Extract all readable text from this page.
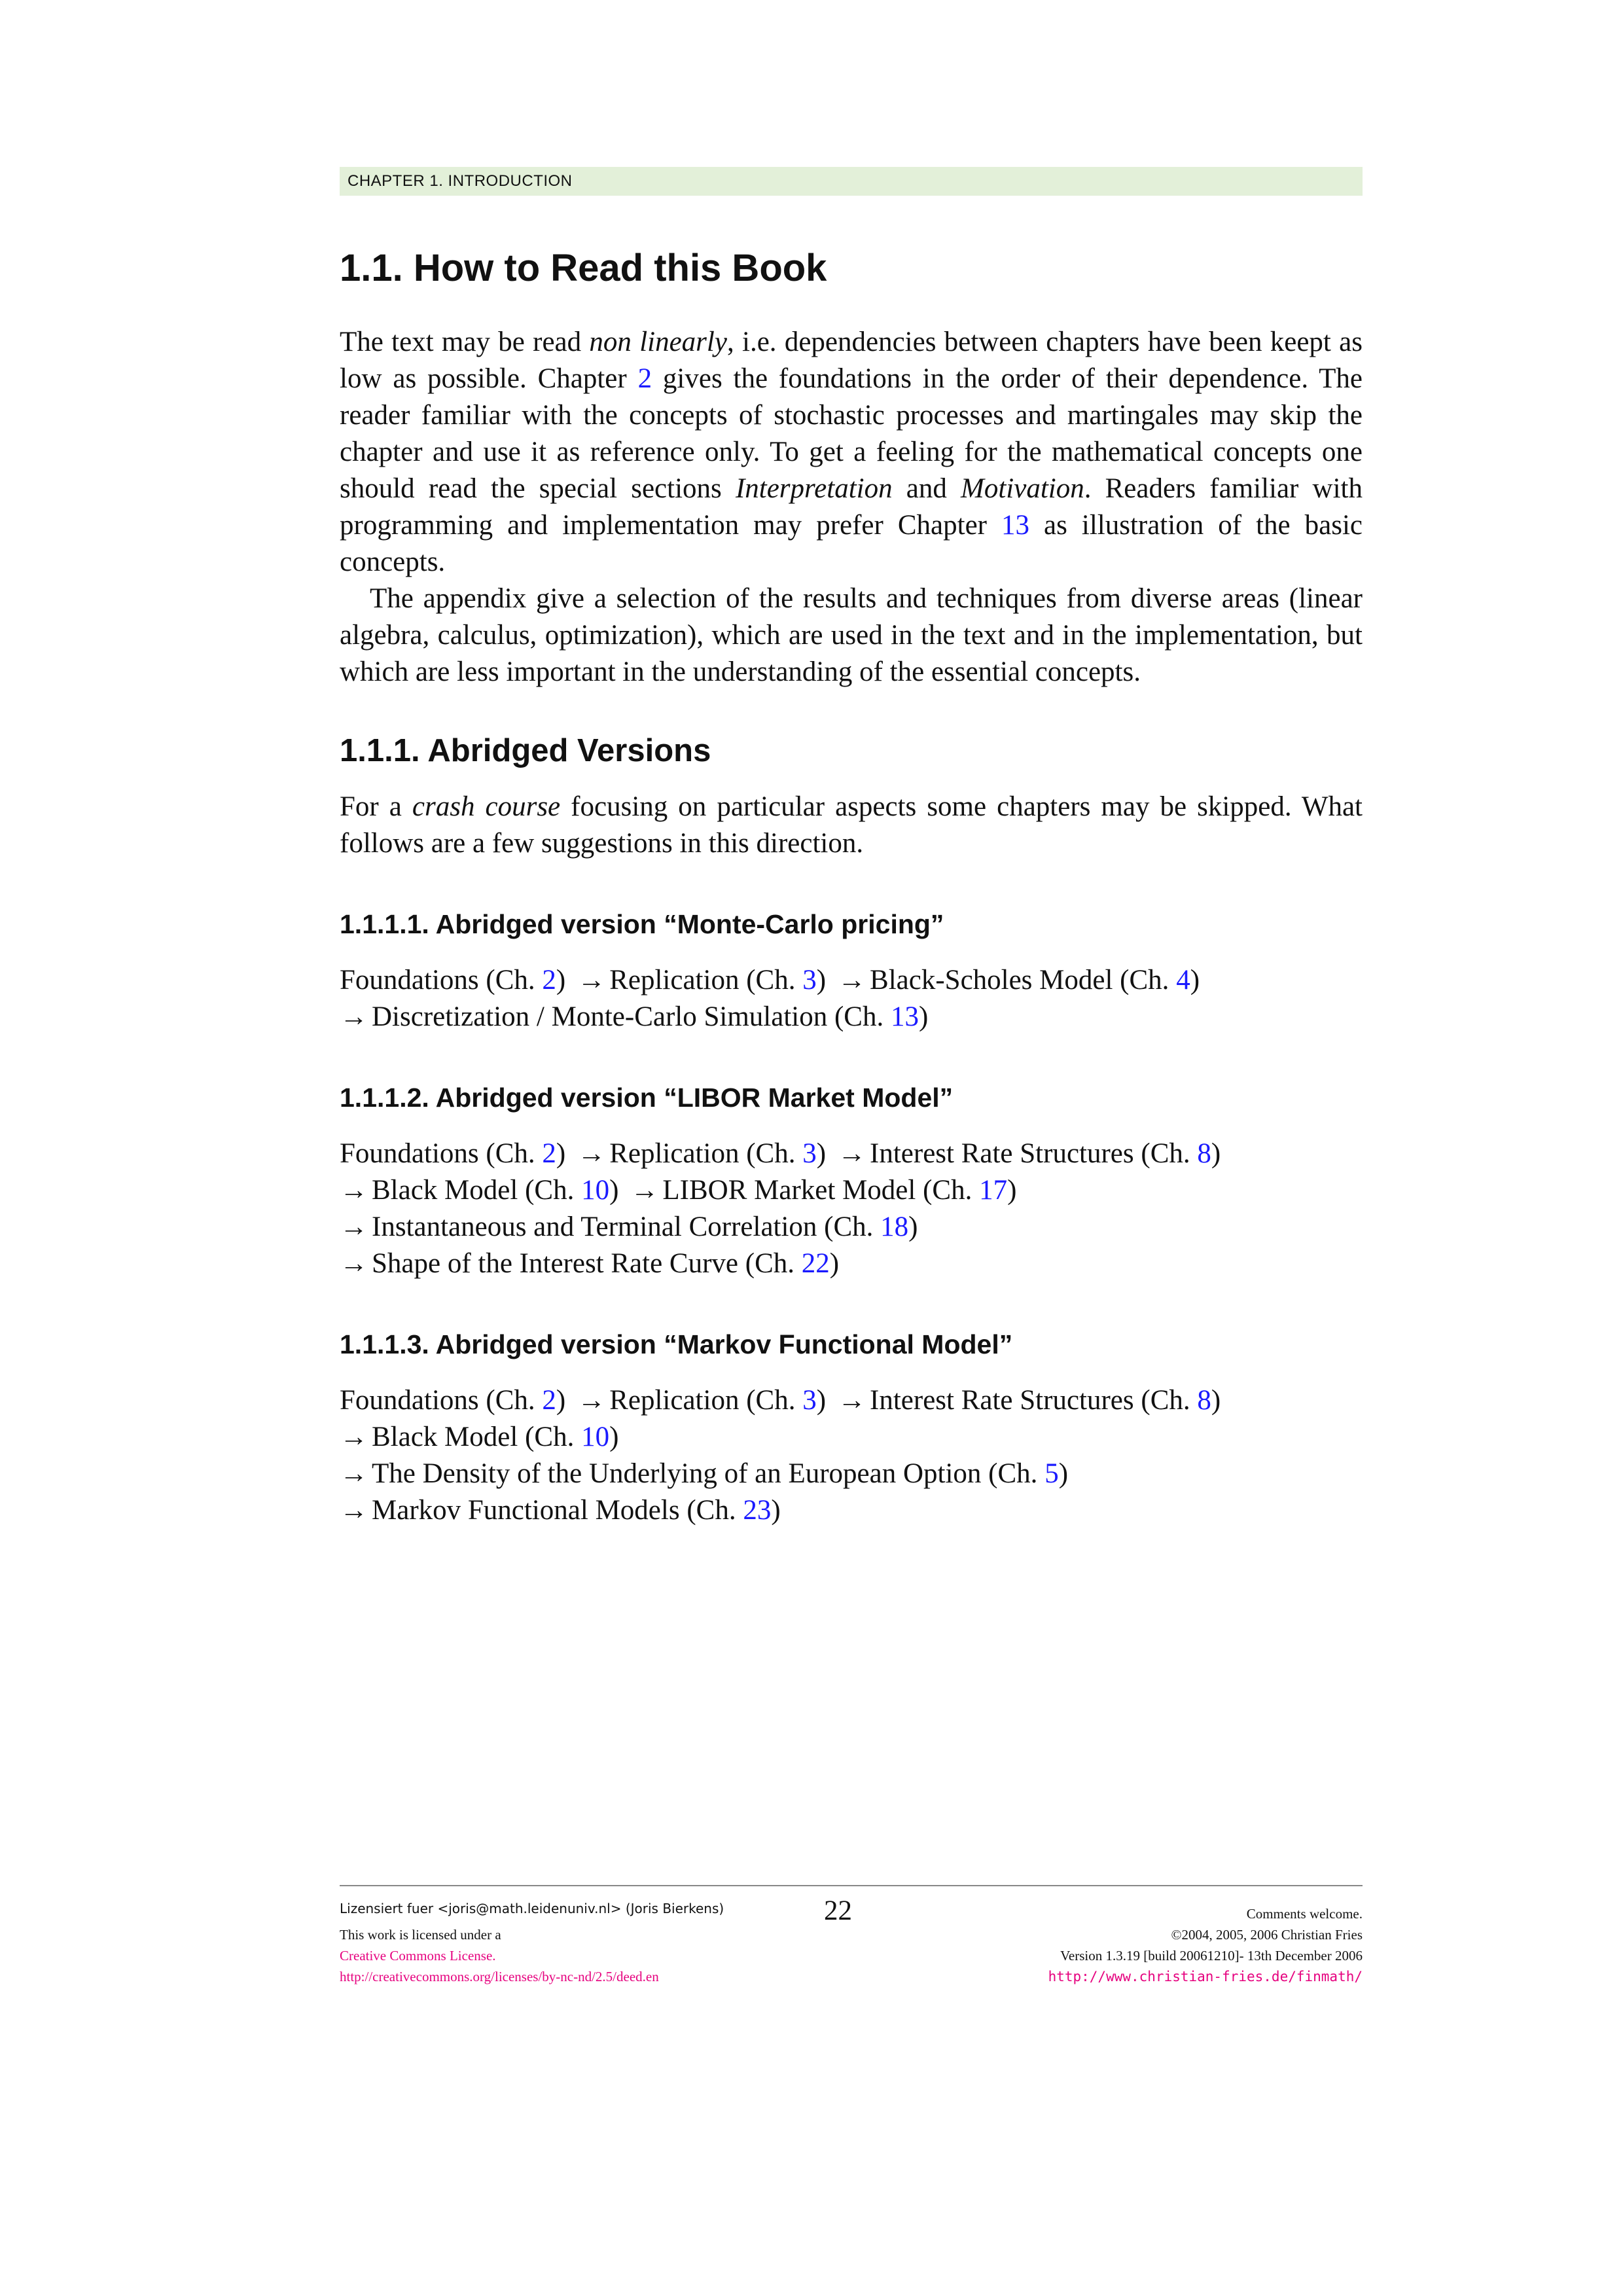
CHAPTER 1. INTRODUCTION
1.1. How to Read this Book

The text may be read non linearly, i.e. dependencies between chapters have been keept as low as possible. Chapter 2 gives the foundations in the order of their dependence. The reader familiar with the concepts of stochastic processes and martingales may skip the chapter and use it as reference only. To get a feeling for the mathematical concepts one should read the special sections Interpretation and Motivation. Readers familiar with programming and implementation may prefer Chapter 13 as illustration of the basic concepts.

The appendix give a selection of the results and techniques from diverse areas (linear algebra, calculus, optimization), which are used in the text and in the implementation, but which are less important in the understanding of the essential concepts.

1.1.1. Abridged Versions

For a crash course focusing on particular aspects some chapters may be skipped. What follows are a few suggestions in this direction.

1.1.1.1. Abridged version “Monte-Carlo pricing”
Foundations (Ch. 2) → Replication (Ch. 3) → Black-Scholes Model (Ch. 4)
→ Discretization / Monte-Carlo Simulation (Ch. 13)
1.1.1.2. Abridged version “LIBOR Market Model”
Foundations (Ch. 2) → Replication (Ch. 3) → Interest Rate Structures (Ch. 8)
→ Black Model (Ch. 10) → LIBOR Market Model (Ch. 17)
→ Instantaneous and Terminal Correlation (Ch. 18)
→ Shape of the Interest Rate Curve (Ch. 22)
1.1.1.3. Abridged version “Markov Functional Model”
Foundations (Ch. 2) → Replication (Ch. 3) → Interest Rate Structures (Ch. 8)
→ Black Model (Ch. 10)
→ The Density of the Underlying of an European Option (Ch. 5)
→ Markov Functional Models (Ch. 23)
Lizensiert fuer <joris@math.leidenuniv.nl> (Joris Bierkens)
This work is licensed under a
Creative Commons License.
http://creativecommons.org/licenses/by-nc-nd/2.5/deed.en
22	Comments welcome.
©2004, 2005, 2006 Christian Fries
Version 1.3.19 [build 20061210]- 13th December 2006
http://www.christian-fries.de/finmath/
